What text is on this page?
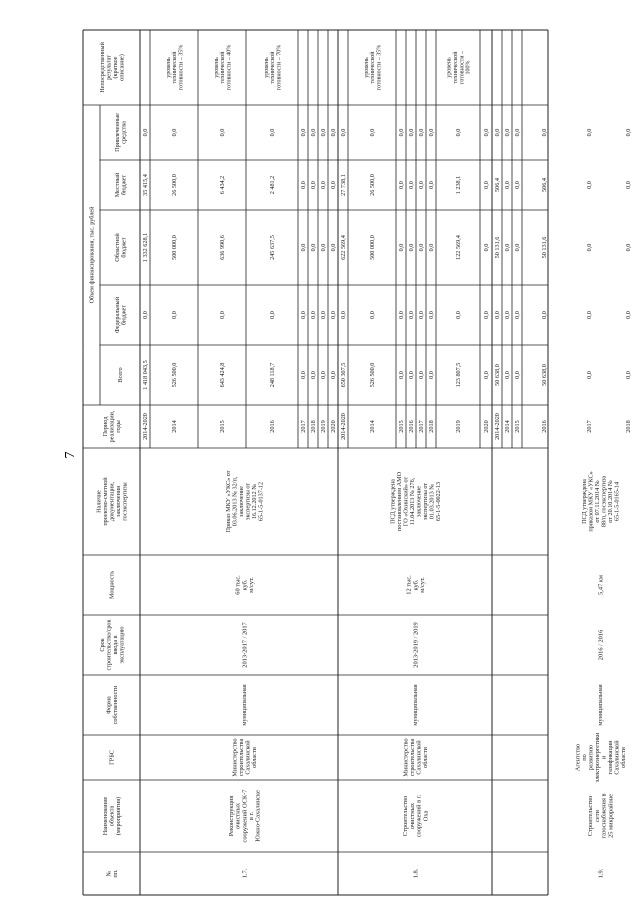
7
№пп.
Наименованиеобъекта(мероприятия)
ГРБС
Формасобственности
Срокстроительства/срокввода вэксплуатацию
Мощность
Наличиепроектно-сметнойдокументации,заключениягосэкспертизы
Периодреализации,годы
Объем финансирования, тыс. рублей
Всего
Федеральныйбюджет
Областнойбюджет
Местныйбюджет
Привлеченныесредства
Непосредственныйрезультат(краткоеописание)
2014-2020
1 418 043,5
0,0
1 332 628,1
35 415,4
0,0
2014
526 500,0
0,0
500 000,0
26 500,0
0,0
уровеньтехническойготовности – 35%
2015
643 424,8
0,0
636 990,6
6 434,2
0,0
уровеньтехническойготовности – 40%
2016
248 118,7
0,0
245 637,5
2 481,2
0,0
уровеньтехническойготовности – 70%
2017
0,0
0,0
0,0
0,0
0,0
2018
0,0
0,0
0,0
0,0
0,0
2019
0,0
0,0
0,0
0,0
0,0
2020
0,0
0,0
0,0
0,0
0,0
1.7.
Реконструкцияочистныхсооружений ОСК-7в г.Южно-Сахалинске
МинистерствостроительстваСахалинскойобласти
муниципальная
2013-2017 / 2017
60 тыс.куб.м/сут.
Приказ МКУ «УКС» от03.06.2013 № 32/п,заключениеэкспертизы от16.12.2012 №65-1-5-0137-12
2014-2020
650 307,5
0,0
622 569,4
27 738,1
0,0
2014
526 500,0
0,0
500 000,0
26 500,0
0,0
уровеньтехническойготовности – 35%
2015
0,0
0,0
0,0
0,0
0,0
2016
0,0
0,0
0,0
0,0
0,0
2017
0,0
0,0
0,0
0,0
0,0
2018
0,0
0,0
0,0
0,0
0,0
2019
123 807,5
0,0
122 569,4
1 238,1
0,0
уровеньтехническойготовности –100%
2020
0,0
0,0
0,0
0,0
0,0
1.8.
Строительствоочистныхсооружений в г.Оха
МинистерствостроительстваСахалинскойобласти
муниципальная
2013-2019 / 2019
12 тыс.куб.м/сут.
ПСД утвержденапостановлением АМОГО «Охинский» от11.04.2013 № 276,заключениеэкспертизы от01.03.2013 №65-1-5-0022-13
2014-2020
50 638,0
0,0
50 131,6
506,4
0,0
2014
0,0
0,0
0,0
0,0
0,0
2015
0,0
0,0
0,0
0,0
0,0
2016
50 638,0
0,0
50 131,6
506,4
0,0
2017
0,0
0,0
0,0
0,0
0,0
2018
0,0
0,0
0,0
0,0
0,0
1.9.
Строительствосетигазоснабжения в25 микрорайоне
АгентствопоразвитиюэлектроэнергетикиигазификацииСахалинскойобласти
муниципальная
2016 / 2016
5,47 км
ПСД утвержденаприказом МКУ «УКС»от 07.11.2014 №88/п, госэкспертизаот 20.10.2014 №65-1-5-0165-14
